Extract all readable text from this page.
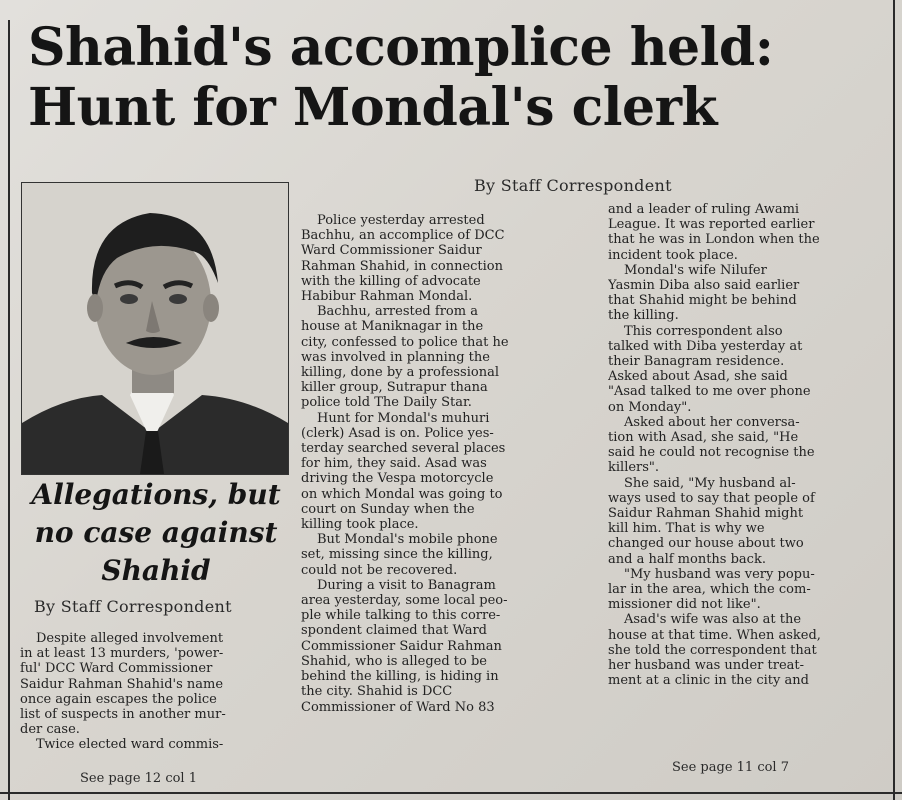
Shahid's accomplice held:
Hunt for Mondal's clerk
By Staff Correspondent
Allegations, but
no case against
Shahid
By Staff Correspondent
Despite alleged involvement
in at least 13 murders, 'power-
ful' DCC Ward Commissioner
Saidur Rahman Shahid's name
once again escapes the police
list of suspects in another mur-
der case.
Twice elected ward commis-
See page 12 col 1
Police yesterday arrested
Bachhu, an accomplice of DCC
Ward Commissioner Saidur
Rahman Shahid, in connection
with the killing of advocate
Habibur Rahman Mondal.
Bachhu, arrested from a
house at Maniknagar in the
city, confessed to police that he
was involved in planning the
killing, done by a professional
killer group, Sutrapur thana
police told The Daily Star.
Hunt for Mondal's muhuri
(clerk) Asad is on. Police yes-
terday searched several places
for him, they said. Asad was
driving the Vespa motorcycle
on which Mondal was going to
court on Sunday when the
killing took place.
But Mondal's mobile phone
set, missing since the killing,
could not be recovered.
During a visit to Banagram
area yesterday, some local peo-
ple while talking to this corre-
spondent claimed that Ward
Commissioner Saidur Rahman
Shahid, who is alleged to be
behind the killing, is hiding in
the city. Shahid is DCC
Commissioner of Ward No 83
and a leader of ruling Awami
League. It was reported earlier
that he was in London when the
incident took place.
Mondal's wife Nilufer
Yasmin Diba also said earlier
that Shahid might be behind
the killing.
This correspondent also
talked with Diba yesterday at
their Banagram residence.
Asked about Asad, she said
"Asad talked to me over phone
on Monday".
Asked about her conversa-
tion with Asad, she said, "He
said he could not recognise the
killers".
She said, "My husband al-
ways used to say that people of
Saidur Rahman Shahid might
kill him. That is why we
changed our house about two
and a half months back.
"My husband was very popu-
lar in the area, which the com-
missioner did not like".
Asad's wife was also at the
house at that time. When asked,
she told the correspondent that
her husband was under treat-
ment at a clinic in the city and
See page 11 col 7
